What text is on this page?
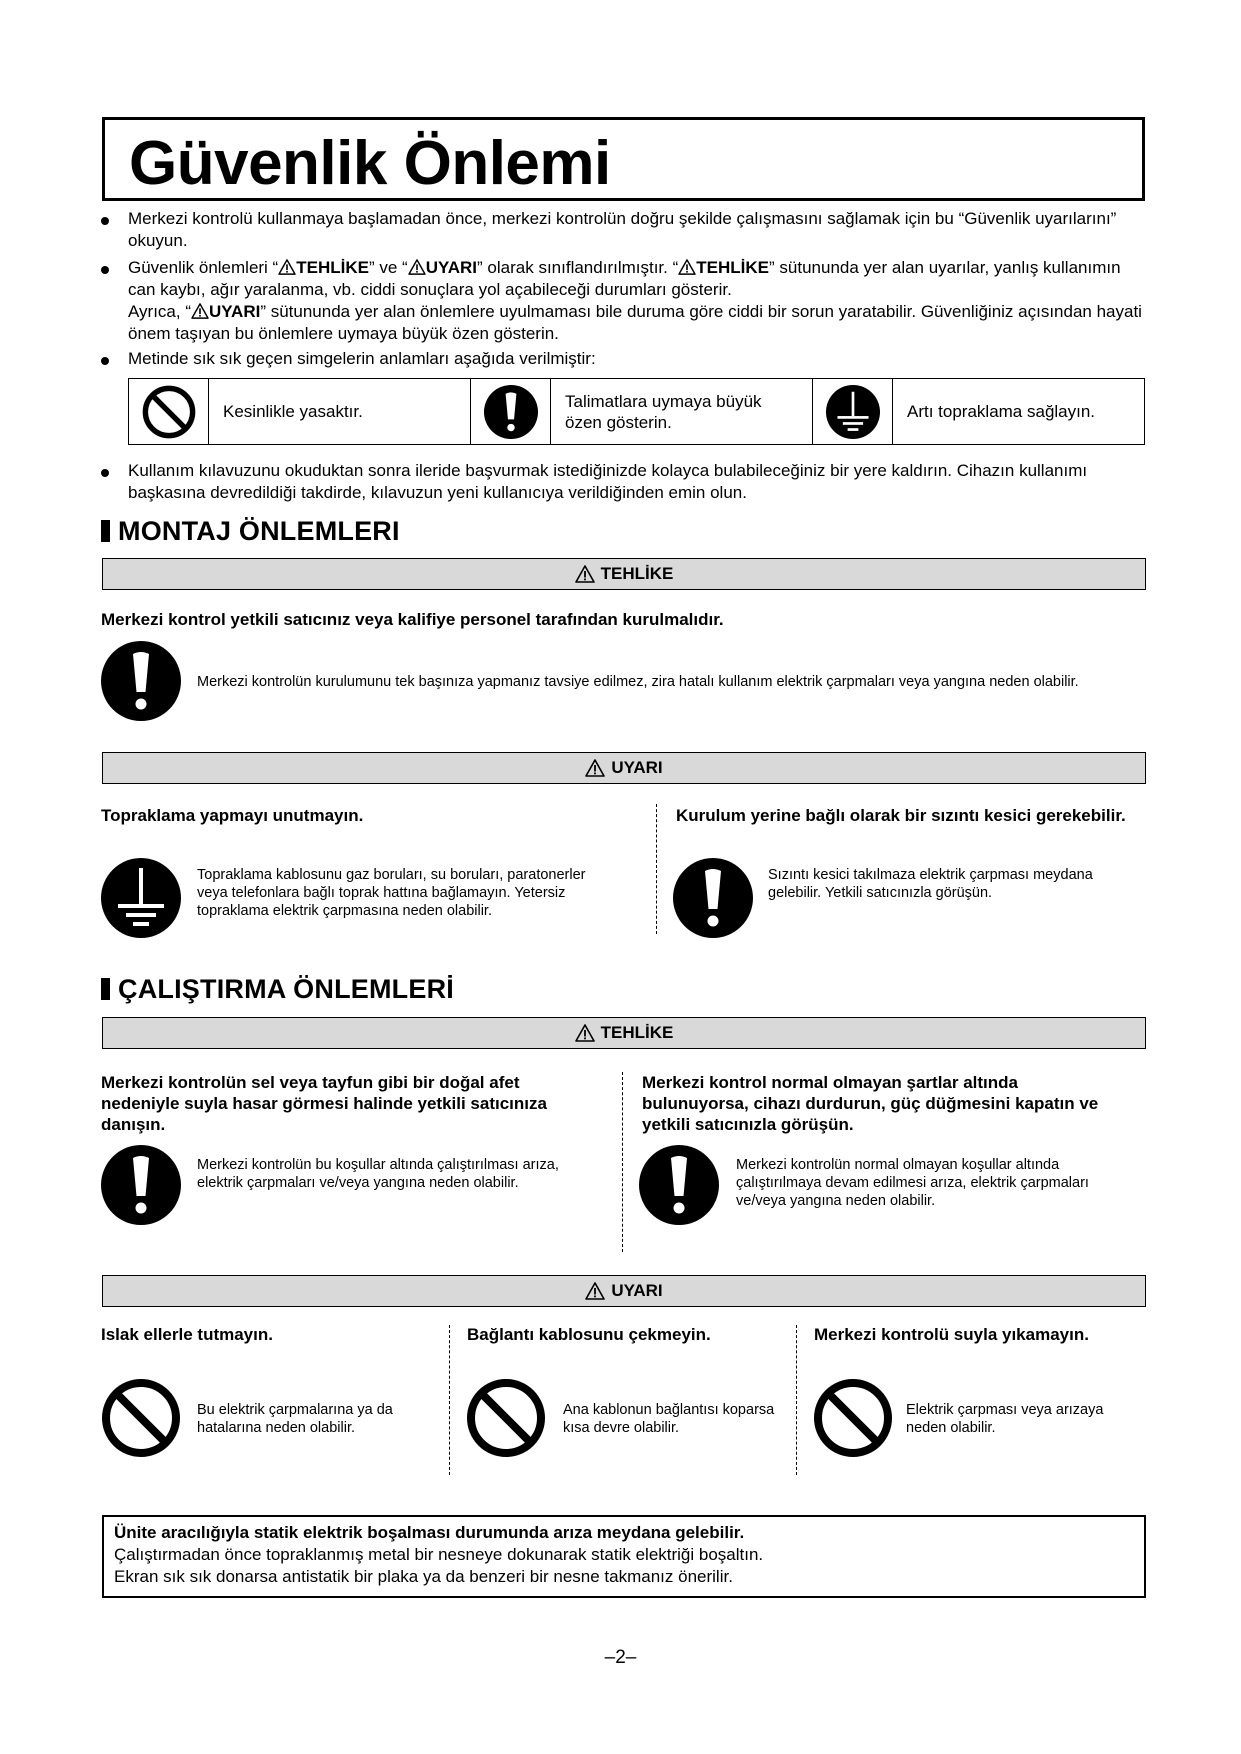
Güvenlik Önlemi
Merkezi kontrolü kullanmaya başlamadan önce, merkezi kontrolün doğru şekilde çalışmasını sağlamak için bu “Güvenlik uyarılarını” okuyun.
Güvenlik önlemleri “ TEHLİKE” ve “ UYARI” olarak sınıflandırılmıştır. “ TEHLİKE” sütununda yer alan uyarılar, yanlış kullanımın can kaybı, ağır yaralanma, vb. ciddi sonuçlara yol açabileceği durumları gösterir.
Ayrıca, “ UYARI” sütununda yer alan önlemlere uyulmaması bile duruma göre ciddi bir sorun yaratabilir. Güvenliğiniz açısından hayati önem taşıyan bu önlemlere uymaya büyük özen gösterin.
Metinde sık sık geçen simgelerin anlamları aşağıda verilmiştir:
Kesinlikle yasaktır.
Talimatlara uymaya büyük özen gösterin.
Artı topraklama sağlayın.
Kullanım kılavuzunu okuduktan sonra ileride başvurmak istediğinizde kolayca bulabileceğiniz bir yere kaldırın. Cihazın kullanımı başkasına devredildiği takdirde, kılavuzun yeni kullanıcıya verildiğinden emin olun.
MONTAJ ÖNLEMLERI
TEHLİKE
Merkezi kontrol yetkili satıcınız veya kalifiye personel tarafından kurulmalıdır.
Merkezi kontrolün kurulumunu tek başınıza yapmanız tavsiye edilmez, zira hatalı kullanım elektrik çarpmaları veya yangına neden olabilir.
UYARI
Topraklama yapmayı unutmayın.
Topraklama kablosunu gaz boruları, su boruları, paratonerler veya telefonlara bağlı toprak hattına bağlamayın. Yetersiz topraklama elektrik çarpmasına neden olabilir.
Kurulum yerine bağlı olarak bir sızıntı kesici gerekebilir.
Sızıntı kesici takılmaza elektrik çarpması meydana gelebilir. Yetkili satıcınızla görüşün.
ÇALIŞTIRMA ÖNLEMLERİ
TEHLİKE
Merkezi kontrolün sel veya tayfun gibi bir doğal afet nedeniyle suyla hasar görmesi halinde yetkili satıcınıza danışın.
Merkezi kontrolün bu koşullar altında çalıştırılması arıza, elektrik çarpmaları ve/veya yangına neden olabilir.
Merkezi kontrol normal olmayan şartlar altında bulunuyorsa, cihazı durdurun, güç düğmesini kapatın ve yetkili satıcınızla görüşün.
Merkezi kontrolün normal olmayan koşullar altında çalıştırılmaya devam edilmesi arıza, elektrik çarpmaları ve/veya yangına neden olabilir.
UYARI
Islak ellerle tutmayın.
Bu elektrik çarpmalarına ya da hatalarına neden olabilir.
Bağlantı kablosunu çekmeyin.
Ana kablonun bağlantısı koparsa kısa devre olabilir.
Merkezi kontrolü suyla yıkamayın.
Elektrik çarpması veya arızaya neden olabilir.
Ünite aracılığıyla statik elektrik boşalması durumunda arıza meydana gelebilir.
Çalıştırmadan önce topraklanmış metal bir nesneye dokunarak statik elektriği boşaltın.
Ekran sık sık donarsa antistatik bir plaka ya da benzeri bir nesne takmanız önerilir.
–2–
